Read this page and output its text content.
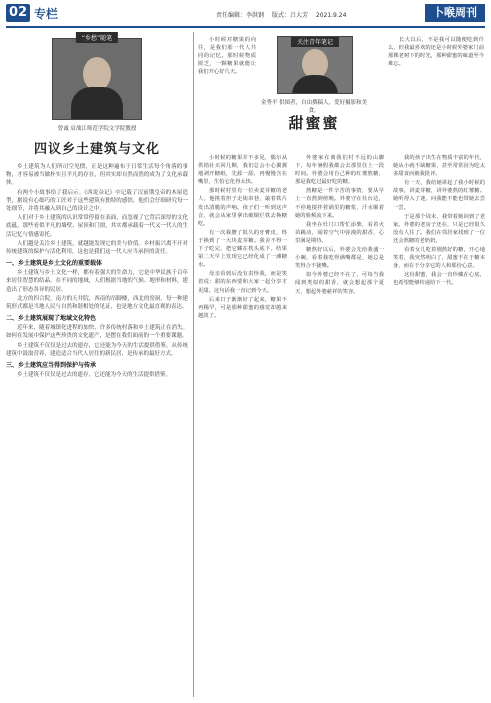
02 专栏	责任编辑：李洪钢 版式：吕大芳 2021.9.24	卜喉周刊
“乡愁”随笔
曾诚 肩战江师范学院文学院教授
四议乡土建筑与文化

乡土建筑为人们所司空见惯，正是这种遍布于日常生活每个角落的事物，才容易被当做朴实且平凡的存在，但其实却自然而然的成为了文化承载体。

有两个小故事给了我启示。《西说杂记》中记载了汉前期皇帝的木屋造型，据说有心细巧的工匠对于这些建筑有独特的感悟，他们会仔细研究每一处细节，并将其融入到自己的设计之中。

人们对于乡土建筑的认识常常停留在表面，而忽视了它背后深厚的文化底蕴。那些看似平凡的墙壁、屋顶和门窗，其实都承载着一代又一代人的生活记忆与情感寄托。

人们越是关注乡土建筑，就越能发现它的美与价值。乡村振兴离不开对传统建筑的保护与活化利用，这也是我们这一代人应当承担的责任。

一、乡土建筑是乡土文化的重要载体

乡土建筑与乡土文化一样，都有着强大的生命力，它是中华民族千百年来居住智慧的结晶。在不同的地域，人们根据当地的气候、地形和材料，建造出了形态各异的民居。

北方的四合院，南方的天井院，西南的吊脚楼，西北的窑洞，每一种建筑形式都是当地人民与自然和谐相处的见证，也是地方文化最直观的表达。

二、乡土建筑展现了地域文化特色

近年来，随着城镇化进程的加快，许多传统村落和乡土建筑正在消失。如何在发展中保护这些珍贵的文化遗产，是摆在我们面前的一个重要课题。

乡土建筑不仅仅是过去的遗存，它还能为今天的生活提供借鉴。从传统建筑中汲取营养，建造适合当代人居住的新民居，是传承的最好方式。

三、乡土建筑应当得到保护与传承

乡土建筑不仅仅是过去的遗存，它还能为今天的生活提供借鉴。

小时候对糖果的向往，是我们那一代人共同的记忆。那时候物质匮乏，一颗糖果就能让我们开心好几天。

关注青年笔记	长大以后，不是我可以随便吃到什么，但我最喜欢的还是小时候外婆家门前那棵老树下的时光，那种甜蜜的味道至今难忘。

金秀平 供图者，自由撰稿人，爱好摄影和美食。
甜蜜蜜

小时候的糖果并不多见，偶尔从供销社买回几颗，我们总会小心翼翼地剥开糖纸，先舔一舔，再慢慢含在嘴里，生怕它化得太快。

那时候村里有一位卖麦芽糖的老人，他挑着担子走街串巷，敲着铁片发出清脆的声响。孩子们一听到这声音，就会从家里拿出破铜烂铁去换糖吃。

有一次我攒了很久的牙膏皮，终于换到了一大块麦芽糖。我舍不得一下子吃完，把它藏在枕头底下，结果第二天早上发现它已经化成了一滩糖水。

母亲看到后没有责怪我，而是笑着说：甜的东西要和大家一起分享才更甜。这句话我一直记到今天。

后来日子渐渐好了起来，糖果不再稀罕，可是那种甜蜜的感觉却越来越淡了。

外婆家在离我们村不远的山脚下，每年暑假我都会去那里住上一段时间。外婆会用自己种的红薯熬糖，那是我吃过最好吃的糖。

熬糖是一件辛苦的事情，要从早上一直熬到傍晚。外婆守在灶台边，不停地搅拌着锅里的糖浆，汗水顺着她的脸颊流下来。

我坐在灶门口帮忙添柴，看着火苗跳动，闻着空气中弥漫的甜香，心里满是期待。

糖熬好以后，外婆会先给我盛一小碗，看着我吃得满嘴都是，她总是笑得合不拢嘴。

如今外婆已经不在了，可每当我闻到类似的甜香，就会想起那个夏天，想起外婆慈祥的笑容。

我的孩子出生在物质丰富的年代，她从小就不缺糖果，甚至常常因为吃太多甜食而被我批评。

有一天，我给她讲起了我小时候的故事，讲麦芽糖，讲外婆熬的红薯糖。她听得入了迷，问我能不能也带她去尝一尝。

于是那个周末，我带着她回到了老家。外婆的老房子还在，只是已经很久没有人住了。我们在邻居家找到了一位还会熬糖的老奶奶。

看着女儿吃着刚熬好的糖，开心地笑着，我突然明白了，甜蜜不在于糖本身，而在于分享它的人和那份心意。

这份甜蜜，我会一直珍藏在心底，也希望能够传递给下一代。
